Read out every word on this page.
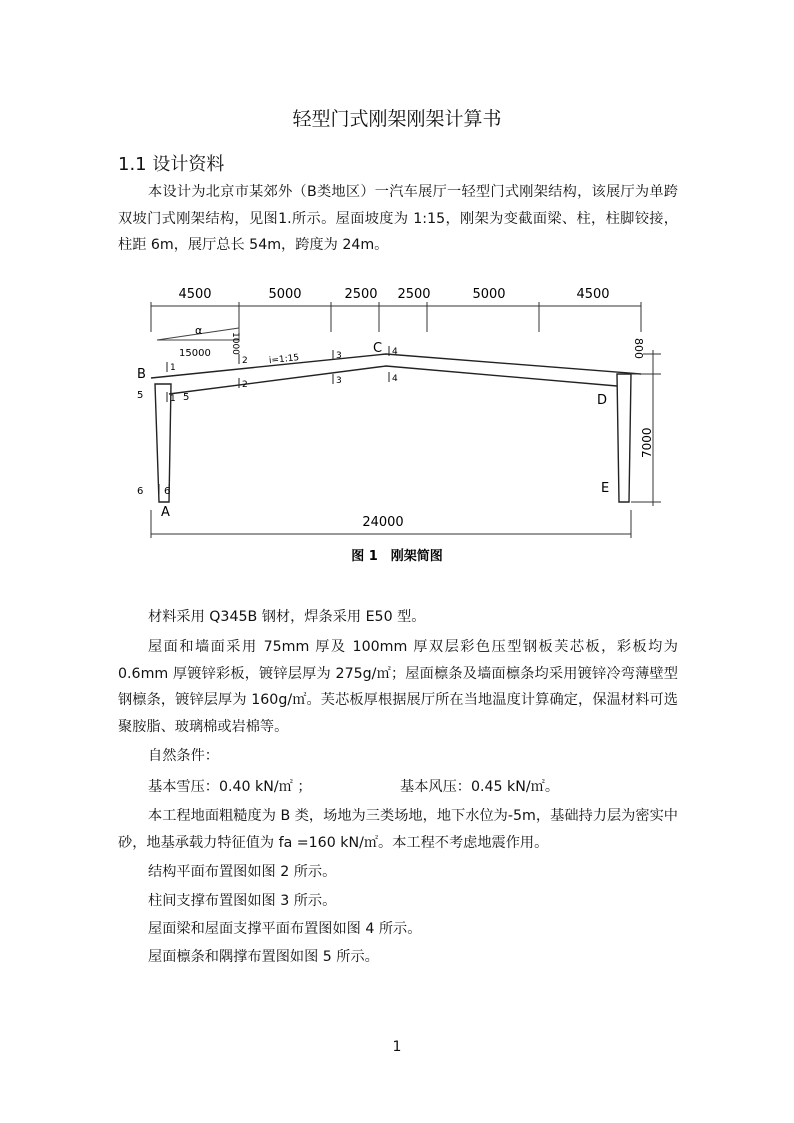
轻型门式刚架刚架计算书
1.1 设计资料

本设计为北京市某郊外（B类地区）一汽车展厅一轻型门式刚架结构，该展厅为单跨双坡门式刚架结构，见图1.所示。屋面坡度为 1:15，刚架为变截面梁、柱，柱脚铰接，柱距 6m，展厅总长 54m，跨度为 24m。

4500	5000	2500 2500	5000	4500
α
15000 1000
1
1
2
2
3
3
4
4
5	5
6 6
i=1:15
B
C
D
E
A
800
7000
24000
图 1　刚架简图
材料采用 Q345B 钢材，焊条采用 E50 型。

屋面和墙面采用 75mm 厚及 100mm 厚双层彩色压型钢板芙芯板，彩板均为 0.6mm 厚镀锌彩板，镀锌层厚为 275g/㎡；屋面檩条及墙面檩条均采用镀锌冷弯薄壁型钢檩条，镀锌层厚为 160g/㎡。芙芯板厚根据展厅所在当地温度计算确定，保温材料可选聚胺脂、玻璃棉或岩棉等。

自然条件：
基本雪压：0.40 kN/㎡ ；	基本风压：0.45 kN/㎡。

本工程地面粗糙度为 B 类，场地为三类场地，地下水位为-5m，基础持力层为密实中砂，地基承载力特征值为 fa =160 kN/㎡。本工程不考虑地震作用。

结构平面布置图如图 2 所示。
柱间支撑布置图如图 3 所示。
屋面梁和屋面支撑平面布置图如图 4 所示。
屋面檩条和隅撑布置图如图 5 所示。
1
